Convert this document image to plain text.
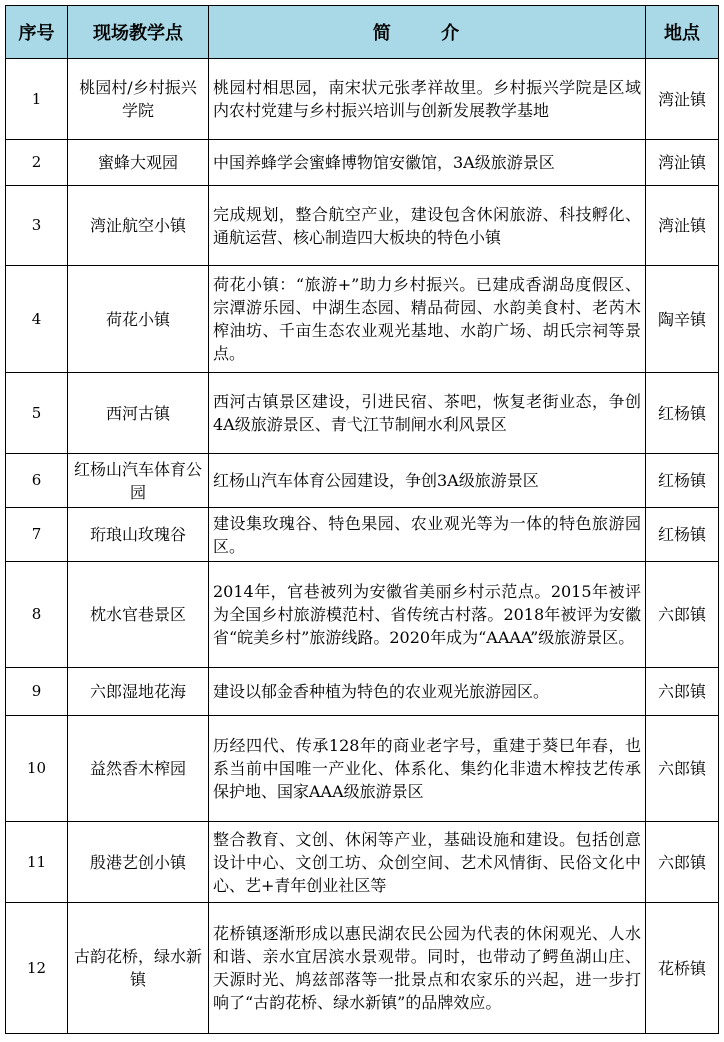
序号	现场教学点	简 介	地点
1	桃园村/乡村振兴学院	桃园村相思园，南宋状元张孝祥故里。乡村振兴学院是区域内农村党建与乡村振兴培训与创新发展教学基地	湾沚镇
2	蜜蜂大观园	中国养蜂学会蜜蜂博物馆安徽馆，3A级旅游景区	湾沚镇
3	湾沚航空小镇	完成规划，整合航空产业，建设包含休闲旅游、科技孵化、通航运营、核心制造四大板块的特色小镇	湾沚镇
4	荷花小镇	荷花小镇：“旅游+”助力乡村振兴。已建成香湖岛度假区、宗潭游乐园、中湖生态园、精品荷园、水韵美食村、老芮木榨油坊、千亩生态农业观光基地、水韵广场、胡氏宗祠等景点。	陶辛镇
5	西河古镇	西河古镇景区建设，引进民宿、茶吧，恢复老街业态，争创4A级旅游景区、青弋江节制闸水利风景区	红杨镇
6	红杨山汽车体育公园	红杨山汽车体育公园建设，争创3A级旅游景区	红杨镇
7	珩琅山玫瑰谷	建设集玫瑰谷、特色果园、农业观光等为一体的特色旅游园区。	红杨镇
8	枕水官巷景区	2014年，官巷被列为安徽省美丽乡村示范点。2015年被评为全国乡村旅游模范村、省传统古村落。2018年被评为安徽省“皖美乡村”旅游线路。2020年成为“AAAA”级旅游景区。	六郎镇
9	六郎湿地花海	建设以郁金香种植为特色的农业观光旅游园区。	六郎镇
10	益然香木榨园	历经四代、传承128年的商业老字号，重建于葵巳年春，也系当前中国唯一产业化、体系化、集约化非遗木榨技艺传承保护地、国家AAA级旅游景区	六郎镇
11	殷港艺创小镇	整合教育、文创、休闲等产业，基础设施和建设。包括创意设计中心、文创工坊、众创空间、艺术风情街、民俗文化中心、艺+青年创业社区等	六郎镇
12	古韵花桥，绿水新镇	花桥镇逐渐形成以惠民湖农民公园为代表的休闲观光、人水和谐、亲水宜居滨水景观带。同时，也带动了鳄鱼湖山庄、天源时光、鸠兹部落等一批景点和农家乐的兴起，进一步打响了“古韵花桥、绿水新镇”的品牌效应。	花桥镇
